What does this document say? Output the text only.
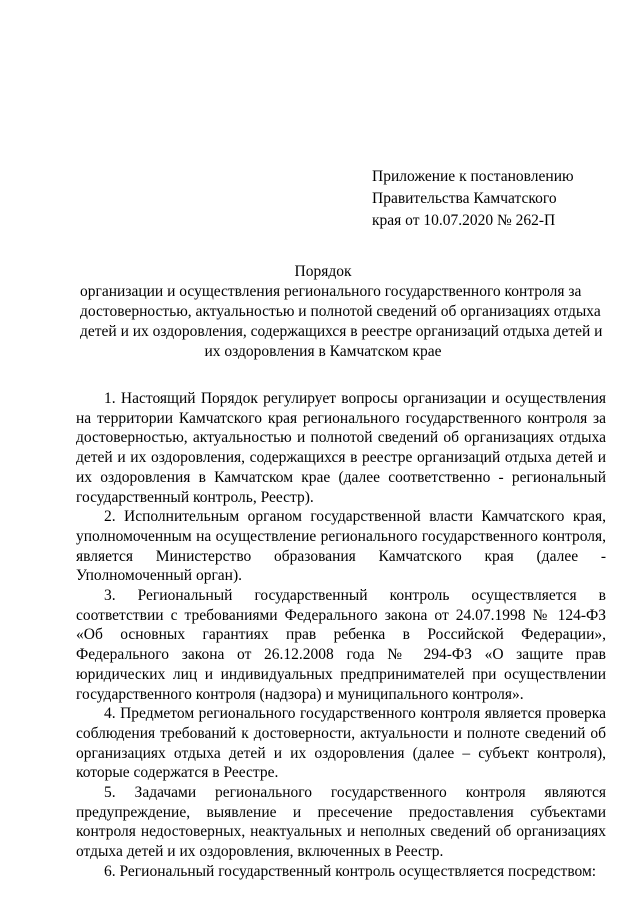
Приложение к постановлению
Правительства Камчатского
края от 10.07.2020 № 262-П
Порядок
организации и осуществления регионального государственного контроля за
достоверностью, актуальностью и полнотой сведений об организациях отдыха
детей и их оздоровления, содержащихся в реестре организаций отдыха детей и
их оздоровления в Камчатском крае

1. Настоящий Порядок регулирует вопросы организации и осуществления на территории Камчатского края регионального государственного контроля за достоверностью, актуальностью и полнотой сведений об организациях отдыха детей и их оздоровления, содержащихся в реестре организаций отдыха детей и их оздоровления в Камчатском крае (далее соответственно - региональный государственный контроль, Реестр).

2. Исполнительным органом государственной власти Камчатского края, уполномоченным на осуществление регионального государственного контроля, является Министерство образования Камчатского края (далее - Уполномоченный орган).

3. Региональный государственный контроль осуществляется в соответствии с требованиями Федерального закона от 24.07.1998 № 124-ФЗ «Об основных гарантиях прав ребенка в Российской Федерации», Федерального закона от 26.12.2008 года № 294-ФЗ «О защите прав юридических лиц и индивидуальных предпринимателей при осуществлении государственного контроля (надзора) и муниципального контроля».

4. Предметом регионального государственного контроля является проверка соблюдения требований к достоверности, актуальности и полноте сведений об организациях отдыха детей и их оздоровления (далее – субъект контроля), которые содержатся в Реестре.

5. Задачами регионального государственного контроля являются предупреждение, выявление и пресечение предоставления субъектами контроля недостоверных, неактуальных и неполных сведений об организациях отдыха детей и их оздоровления, включенных в Реестр.

6. Региональный государственный контроль осуществляется посредством:
